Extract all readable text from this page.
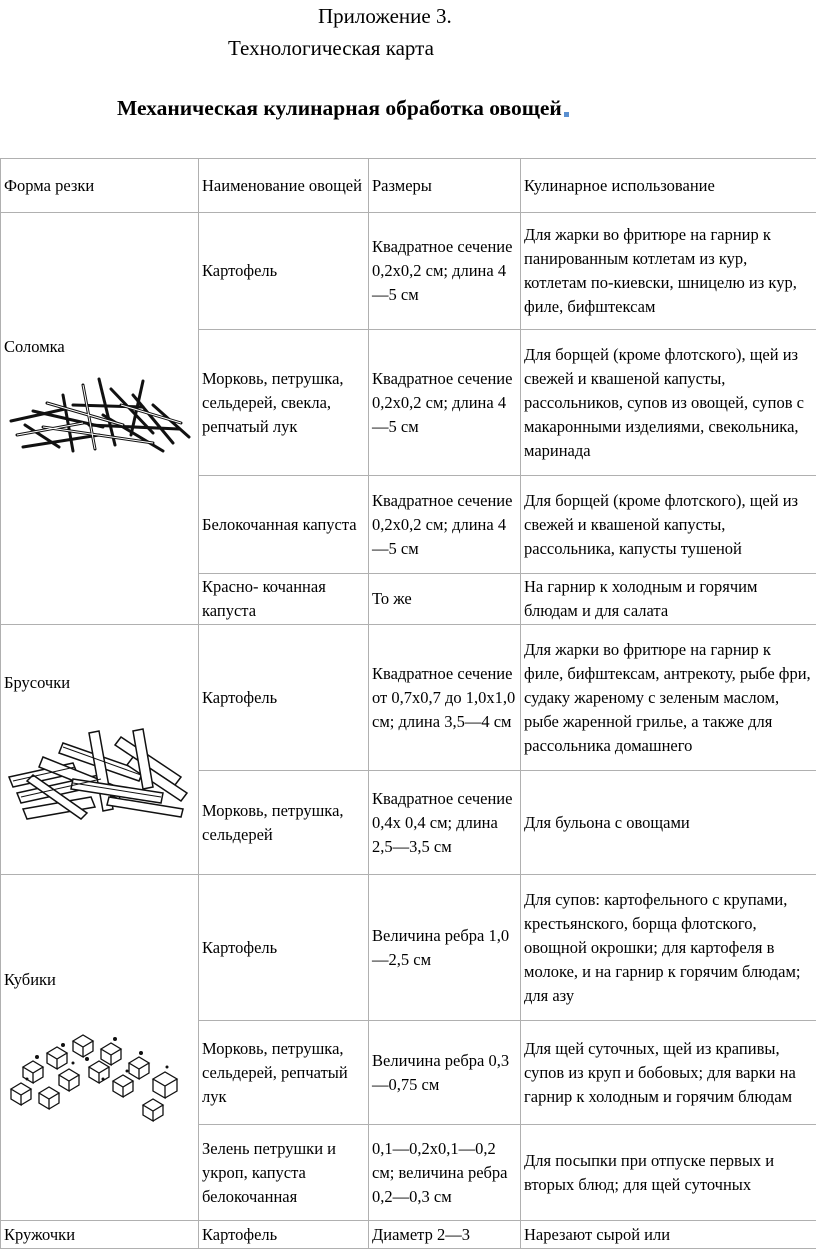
Приложение 3.
Технологическая карта
Механическая кулинарная обработка овощей
Форма резки	Наименование овощей	Размеры	Кулинарное использование

Соломка	Картофель	Квадратное сечение 0,2х0,2 см; длина 4—5 см	Для жарки во фритюре на гарнир к панированным котлетам из кур, котлетам по-киевски, шницелю из кур, филе, бифштексам
	Морковь, петрушка, сельдерей, свекла, репчатый лук	Квадратное сечение 0,2х0,2 см; длина 4—5 см	Для борщей (кроме флотского), щей из свежей и квашеной капусты, рассольников, супов из овощей, супов с макаронными изделиями, свекольника, маринада
	Белокочанная капуста	Квадратное сечение 0,2х0,2 см; длина 4—5 см	Для борщей (кроме флотского), щей из свежей и квашеной капусты, рассольника, капусты тушеной
	Красно- кочанная капуста	То же	На гарнир к холодным и горячим блюдам и для салата

Брусочки	Картофель	Квадратное сечение от 0,7х0,7 до 1,0х1,0 см; длина 3,5—4 см	Для жарки во фритюре на гарнир к филе, бифштексам, антрекоту, рыбе фри, судаку жареному с зеленым маслом, рыбе жаренной грилье, а также для рассольника домашнего
	Морковь, петрушка, сельдерей	Квадратное сечение 0,4х 0,4 см; длина 2,5—3,5 см	Для бульона с овощами

Кубики	Картофель	Величина ребра 1,0—2,5 см	Для супов: картофельного с крупами, крестьянского, борща флотского, овощной окрошки; для картофеля в молоке, и на гарнир к горячим блюдам; для азу
	Морковь, петрушка, сельдерей, репчатый лук	Величина ребра 0,3—0,75 см	Для щей суточных, щей из крапивы, супов из круп и бобовых; для варки на гарнир к холодным и горячим блюдам
	Зелень петрушки и укроп, капуста белокочанная	0,1—0,2х0,1—0,2 см; величина ребра 0,2—0,3 см	Для посыпки при отпуске первых и вторых блюд; для щей суточных
Кружочки	Картофель	Диаметр 2—3	Нарезают сырой или
